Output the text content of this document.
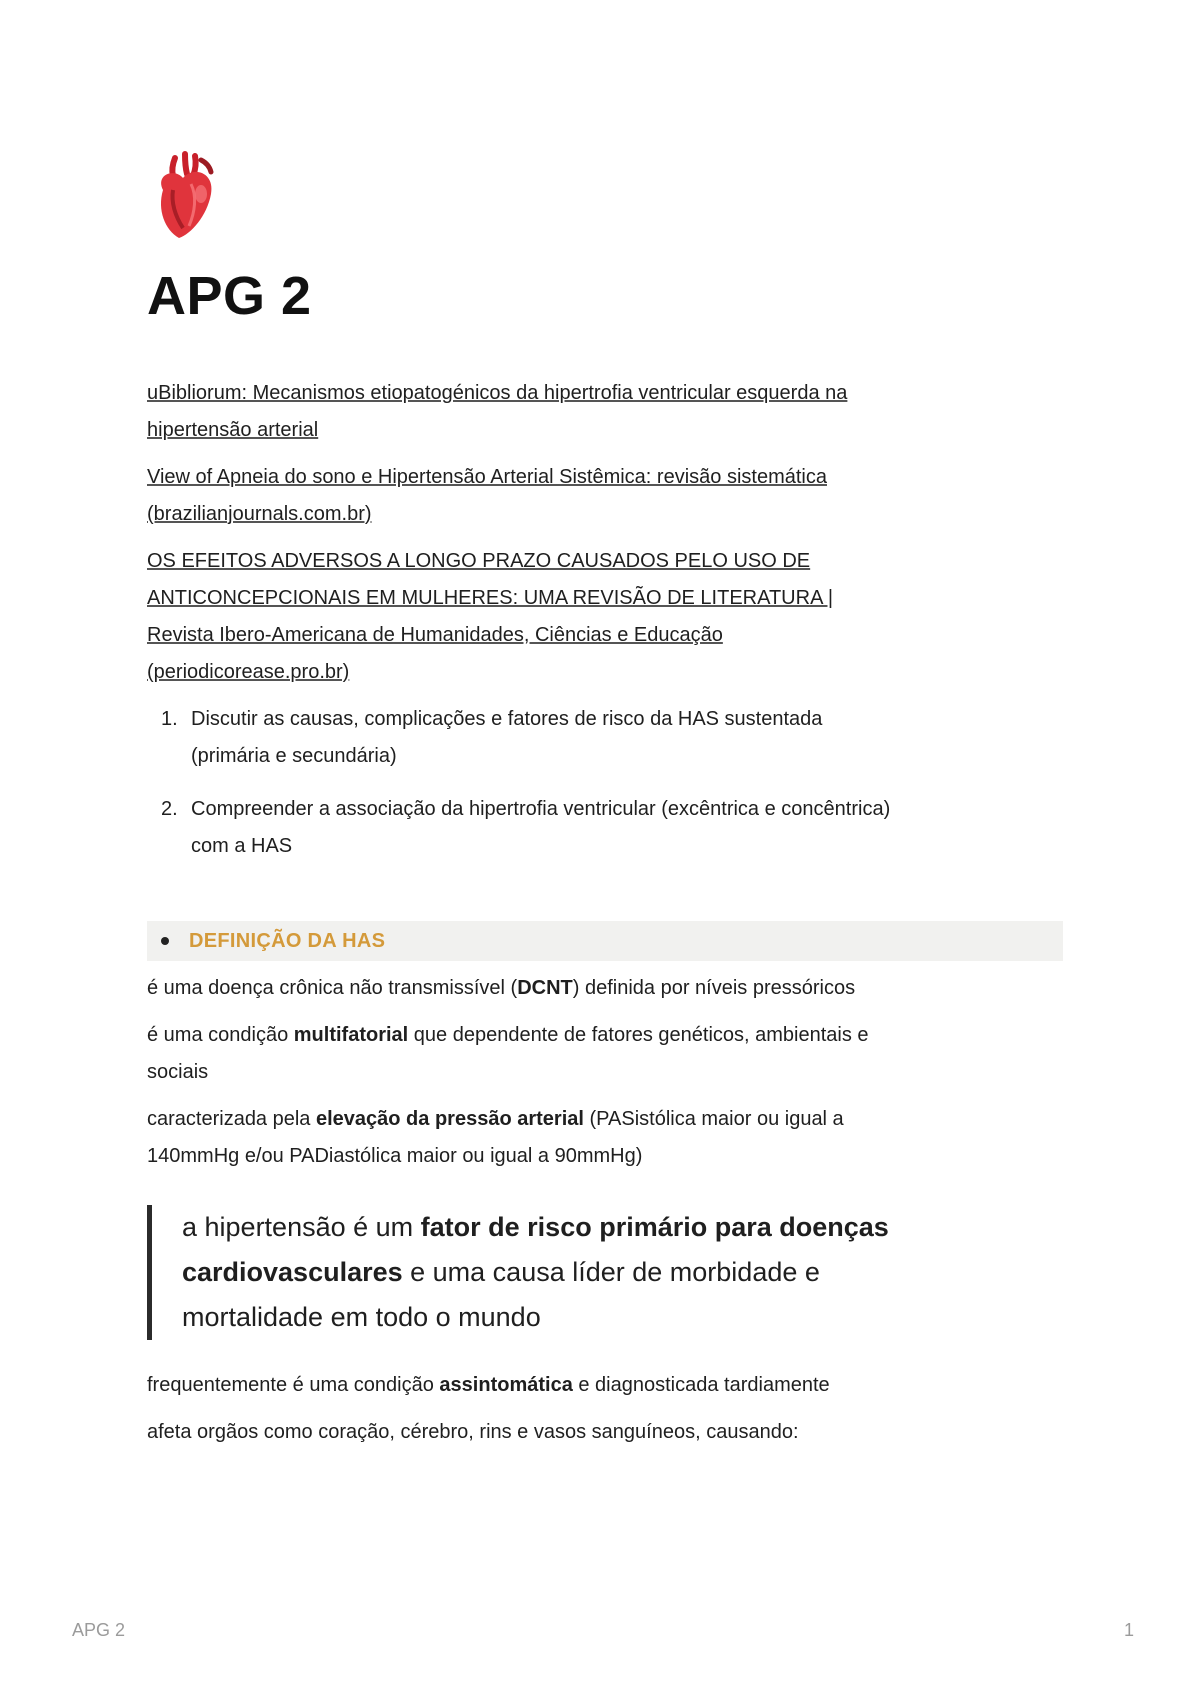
APG 2
uBibliorum: Mecanismos etiopatogénicos da hipertrofia ventricular esquerda na
hipertensão arterial
View of Apneia do sono e Hipertensão Arterial Sistêmica: revisão sistemática
(brazilianjournals.com.br)
OS EFEITOS ADVERSOS A LONGO PRAZO CAUSADOS PELO USO DE
ANTICONCEPCIONAIS EM MULHERES: UMA REVISÃO DE LITERATURA |
Revista Ibero-Americana de Humanidades, Ciências e Educação
(periodicorease.pro.br)
1. Discutir as causas, complicações e fatores de risco da HAS sustentada
(primária e secundária)
2. Compreender a associação da hipertrofia ventricular (excêntrica e concêntrica)
com a HAS
DEFINIÇÃO DA HAS

é uma doença crônica não transmissível (DCNT) definida por níveis pressóricos

é uma condição multifatorial que dependente de fatores genéticos, ambientais e
sociais

caracterizada pela elevação da pressão arterial (PASistólica maior ou igual a
140mmHg e/ou PADiastólica maior ou igual a 90mmHg)

a hipertensão é um fator de risco primário para doenças
cardiovasculares e uma causa líder de morbidade e
mortalidade em todo o mundo

frequentemente é uma condição assintomática e diagnosticada tardiamente

afeta orgãos como coração, cérebro, rins e vasos sanguíneos, causando:

APG 2	1
